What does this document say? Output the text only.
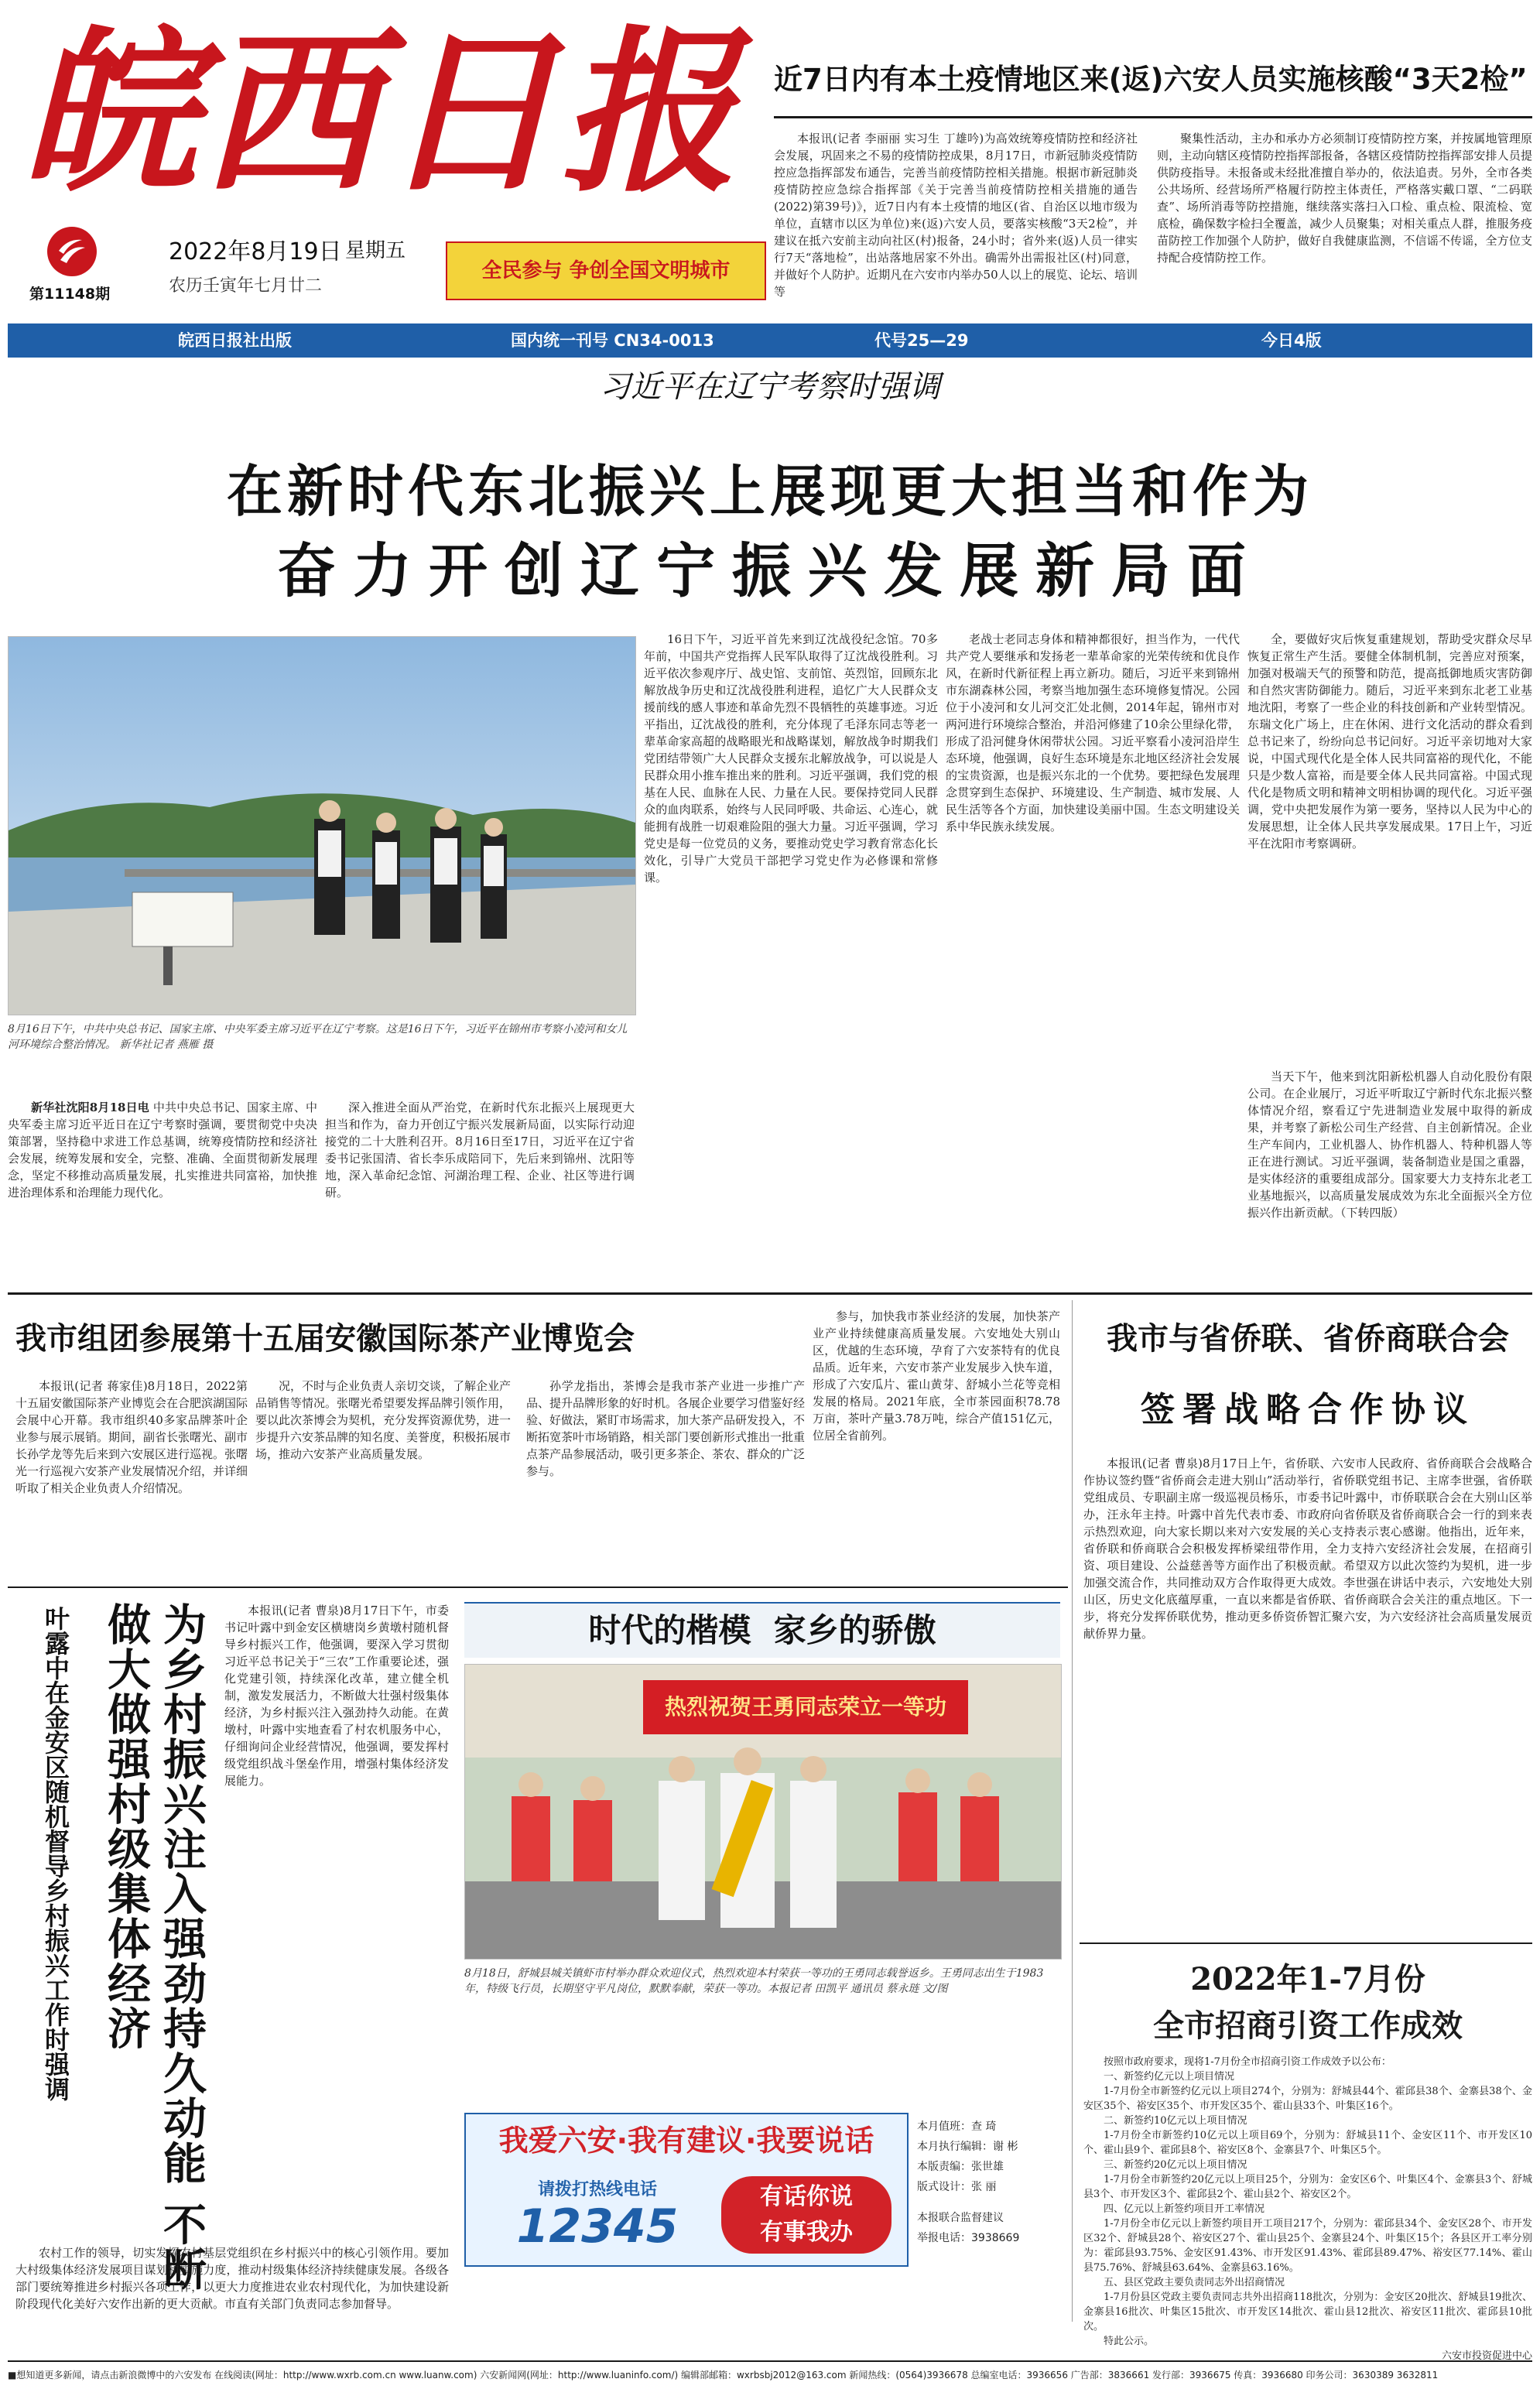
皖西日报
第11148期
2022年8月19日 星期五
农历壬寅年七月廿二
全民参与 争创全国文明城市
皖西日报社出版	国内统一刊号 CN34-0013	代号25—29	今日4版
近7日内有本土疫情地区来(返)六安人员实施核酸“3天2检”

本报讯(记者 李丽丽 实习生 丁雄吟)为高效统筹疫情防控和经济社会发展，巩固来之不易的疫情防控成果，8月17日，市新冠肺炎疫情防控应急指挥部发布通告，完善当前疫情防控相关措施。根据市新冠肺炎疫情防控应急综合指挥部《关于完善当前疫情防控相关措施的通告(2022)第39号)》，近7日内有本土疫情的地区(省、自治区以地市级为单位，直辖市以区为单位)来(返)六安人员，要落实核酸“3天2检”，并建议在抵六安前主动向社区(村)报备，24小时；省外来(返)人员一律实行7天“落地检”，出站落地居家不外出。确需外出需报社区(村)同意，并做好个人防护。近期凡在六安市内举办50人以上的展览、论坛、培训等

聚集性活动，主办和承办方必须制订疫情防控方案，并按属地管理原则，主动向辖区疫情防控指挥部报备，各辖区疫情防控指挥部安排人员提供防疫指导。未报备或未经批准擅自举办的，依法追责。另外，全市各类公共场所、经营场所严格履行防控主体责任，严格落实戴口罩、“二码联查”、场所消毒等防控措施，继续落实落扫入口检、重点检、限流检、宽底检，确保数字检扫全覆盖，减少人员聚集；对相关重点人群，推服务疫苗防控工作加强个人防护，做好自我健康监测，不信谣不传谣，全方位支持配合疫情防控工作。

习近平在辽宁考察时强调
在新时代东北振兴上展现更大担当和作为
奋力开创辽宁振兴发展新局面
8月16日下午，中共中央总书记、国家主席、中央军委主席习近平在辽宁考察。这是16日下午，习近平在锦州市考察小凌河和女儿河环境综合整治情况。 新华社记者 燕雁 摄

新华社沈阳8月18日电 中共中央总书记、国家主席、中央军委主席习近平近日在辽宁考察时强调，要贯彻党中央决策部署，坚持稳中求进工作总基调，统筹疫情防控和经济社会发展，统筹发展和安全，完整、准确、全面贯彻新发展理念，坚定不移推动高质量发展，扎实推进共同富裕，加快推进治理体系和治理能力现代化。

深入推进全面从严治党，在新时代东北振兴上展现更大担当和作为，奋力开创辽宁振兴发展新局面，以实际行动迎接党的二十大胜利召开。8月16日至17日，习近平在辽宁省委书记张国清、省长李乐成陪同下，先后来到锦州、沈阳等地，深入革命纪念馆、河湖治理工程、企业、社区等进行调研。

16日下午，习近平首先来到辽沈战役纪念馆。70多年前，中国共产党指挥人民军队取得了辽沈战役胜利。习近平依次参观序厅、战史馆、支前馆、英烈馆，回顾东北解放战争历史和辽沈战役胜利进程，追忆广大人民群众支援前线的感人事迹和革命先烈不畏牺牲的英雄事迹。习近平指出，辽沈战役的胜利，充分体现了毛泽东同志等老一辈革命家高超的战略眼光和战略谋划，解放战争时期我们党团结带领广大人民群众支援东北解放战争，可以说是人民群众用小推车推出来的胜利。习近平强调，我们党的根基在人民、血脉在人民、力量在人民。要保持党同人民群众的血肉联系，始终与人民同呼吸、共命运、心连心，就能拥有战胜一切艰难险阻的强大力量。习近平强调，学习党史是每一位党员的义务，要推动党史学习教育常态化长效化，引导广大党员干部把学习党史作为必修课和常修课。

老战士老同志身体和精神都很好，担当作为，一代代共产党人要继承和发扬老一辈革命家的光荣传统和优良作风，在新时代新征程上再立新功。随后，习近平来到锦州市东湖森林公园，考察当地加强生态环境修复情况。公园位于小凌河和女儿河交汇处北侧，2014年起，锦州市对两河进行环境综合整治，并沿河修建了10余公里绿化带，形成了沿河健身休闲带状公园。习近平察看小凌河沿岸生态环境，他强调，良好生态环境是东北地区经济社会发展的宝贵资源，也是振兴东北的一个优势。要把绿色发展理念贯穿到生态保护、环境建设、生产制造、城市发展、人民生活等各个方面，加快建设美丽中国。生态文明建设关系中华民族永续发展。

全，要做好灾后恢复重建规划，帮助受灾群众尽早恢复正常生产生活。要健全体制机制，完善应对预案，加强对极端天气的预警和防范，提高抵御地质灾害防御和自然灾害防御能力。随后，习近平来到东北老工业基地沈阳，考察了一些企业的科技创新和产业转型情况。东瑞文化广场上，庄在休闲、进行文化活动的群众看到总书记来了，纷纷向总书记问好。习近平亲切地对大家说，中国式现代化是全体人民共同富裕的现代化，不能只是少数人富裕，而是要全体人民共同富裕。中国式现代化是物质文明和精神文明相协调的现代化。习近平强调，党中央把发展作为第一要务，坚持以人民为中心的发展思想，让全体人民共享发展成果。17日上午，习近平在沈阳市考察调研。

当天下午，他来到沈阳新松机器人自动化股份有限公司。在企业展厅，习近平听取辽宁新时代东北振兴整体情况介绍，察看辽宁先进制造业发展中取得的新成果，并考察了新松公司生产经营、自主创新情况。企业生产车间内，工业机器人、协作机器人、特种机器人等正在进行测试。习近平强调，装备制造业是国之重器，是实体经济的重要组成部分。国家要大力支持东北老工业基地振兴，以高质量发展成效为东北全面振兴全方位振兴作出新贡献。（下转四版）

我市组团参展第十五届安徽国际茶产业博览会

本报讯(记者 蒋家佳)8月18日，2022第十五届安徽国际茶产业博览会在合肥滨湖国际会展中心开幕。我市组织40多家品牌茶叶企业参与展示展销。期间，副省长张曙光、副市长孙学龙等先后来到六安展区进行巡视。张曙光一行巡视六安茶产业发展情况介绍，并详细听取了相关企业负责人介绍情况。

况，不时与企业负责人亲切交谈，了解企业产品销售等情况。张曙光希望要发挥品牌引领作用，要以此次茶博会为契机，充分发挥资源优势，进一步提升六安茶品牌的知名度、美誉度，积极拓展市场，推动六安茶产业高质量发展。

孙学龙指出，茶博会是我市茶产业进一步推广产品、提升品牌形象的好时机。各展企业要学习借鉴好经验、好做法，紧盯市场需求，加大茶产品研发投入，不断拓宽茶叶市场销路，相关部门要创新形式推出一批重点茶产品参展活动，吸引更多茶企、茶农、群众的广泛参与。

参与，加快我市茶业经济的发展，加快茶产业产业持续健康高质量发展。六安地处大别山区，优越的生态环境，孕育了六安茶特有的优良品质。近年来，六安市茶产业发展步入快车道，形成了六安瓜片、霍山黄芽、舒城小兰花等竞相发展的格局。2021年底，全市茶园面积78.78万亩，茶叶产量3.78万吨，综合产值151亿元，位居全省前列。

叶露中在金安区随机督导乡村振兴工作时强调	为乡村振兴注入强劲持久动能 不断做大做强村级集体经济	本报讯(记者 曹泉)8月17日下午，市委书记叶露中到金安区横塘岗乡黄墩村随机督导乡村振兴工作，他强调，要深入学习贯彻习近平总书记关于“三农”工作重要论述，强化党建引领，持续深化改革，建立健全机制，激发发展活力，不断做大壮强村级集体经济，为乡村振兴注入强劲持久动能。在黄墩村，叶露中实地查看了村农机服务中心，仔细询问企业经营情况，他强调，要发挥村级党组织战斗堡垒作用，增强村集体经济发展能力。

农村工作的领导，切实发挥农村基层党组织在乡村振兴中的核心引领作用。要加大村级集体经济发展项目谋划和实施力度，推动村级集体经济持续健康发展。各级各部门要统筹推进乡村振兴各项工作，以更大力度推进农业农村现代化，为加快建设新阶段现代化美好六安作出新的更大贡献。市直有关部门负责同志参加督导。

时代的楷模  家乡的骄傲
热烈祝贺王勇同志荣立一等功
8月18日，舒城县城关镇虾市村举办群众欢迎仪式，热烈欢迎本村荣获一等功的王勇同志载誉返乡。王勇同志出生于1983年，特级飞行员，长期坚守平凡岗位，默默奉献，荣获一等功。本报记者 田凯平 通讯员 蔡永琏 文/图
我爱六安·我有建议·我要说话
请拨打热线电话
12345
有话你说
有事我办
本月值班：查 琦
本月执行编辑：谢 彬
本版责编：张世雄
版式设计：张 丽
本报联合监督建议
举报电话：3938669
我市与省侨联、省侨商联合会
签署战略合作协议

本报讯(记者 曹泉)8月17日上午，省侨联、六安市人民政府、省侨商联合会战略合作协议签约暨“省侨商会走进大别山”活动举行，省侨联党组书记、主席李世强，省侨联党组成员、专职副主席一级巡视员杨乐，市委书记叶露中，市侨联联合会在大别山区举办，汪永年主持。叶露中首先代表市委、市政府向省侨联及省侨商联合会一行的到来表示热烈欢迎，向大家长期以来对六安发展的关心支持表示衷心感谢。他指出，近年来，省侨联和侨商联合会积极发挥桥梁纽带作用，全力支持六安经济社会发展，在招商引资、项目建设、公益慈善等方面作出了积极贡献。希望双方以此次签约为契机，进一步加强交流合作，共同推动双方合作取得更大成效。李世强在讲话中表示，六安地处大别山区，历史文化底蕴厚重，一直以来都是省侨联、省侨商联合会关注的重点地区。下一步，将充分发挥侨联优势，推动更多侨资侨智汇聚六安，为六安经济社会高质量发展贡献侨界力量。

2022年1-7月份
全市招商引资工作成效

按照市政府要求，现将1-7月份全市招商引资工作成效予以公布：

一、新签约亿元以上项目情况

1-7月份全市新签约亿元以上项目274个，分别为：舒城县44个、霍邱县38个、金寨县38个、金安区35个、裕安区35个、市开发区35个、霍山县33个、叶集区16个。

二、新签约10亿元以上项目情况

1-7月份全市新签约10亿元以上项目69个，分别为：舒城县11个、金安区11个、市开发区10个、霍山县9个、霍邱县8个、裕安区8个、金寨县7个、叶集区5个。

三、新签约20亿元以上项目情况

1-7月份全市新签约20亿元以上项目25个，分别为：金安区6个、叶集区4个、金寨县3个、舒城县3个、市开发区3个、霍邱县2个、霍山县2个、裕安区2个。

四、亿元以上新签约项目开工率情况

1-7月份全市亿元以上新签约项目开工项目217个，分别为：霍邱县34个、金安区28个、市开发区32个、舒城县28个、裕安区27个、霍山县25个、金寨县24个、叶集区15个；各县区开工率分别为：霍邱县93.75%、金安区91.43%、市开发区91.43%、霍邱县89.47%、裕安区77.14%、霍山县75.76%、舒城县63.64%、金寨县63.16%。

五、县区党政主要负责同志外出招商情况

1-7月份县区党政主要负责同志共外出招商118批次，分别为：金安区20批次、舒城县19批次、金寨县16批次、叶集区15批次、市开发区14批次、霍山县12批次、裕安区11批次、霍邱县10批次。

特此公示。

六安市投资促进中心

■想知道更多新闻，请点击新浪微博中的六安发布 在线阅读(网址：http://www.wxrb.com.cn www.luanw.com) 六安新闻网(网址：http://www.luaninfo.com/) 编辑部邮箱：wxrbsbj2012@163.com 新闻热线：(0564)3936678 总编室电话：3936656 广告部：3836661 发行部：3936675 传真：3936680 印务公司：3630389 3632811
